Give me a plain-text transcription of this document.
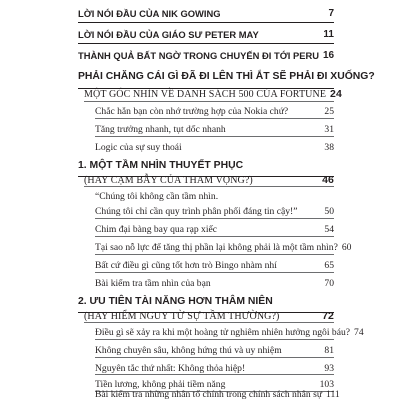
LỜI NÓI ĐẦU CỦA NIK GOWING	7
LỜI NÓI ĐẦU CỦA GIÁO SƯ PETER MAY	11
THÀNH QUẢ BẤT NGỜ TRONG CHUYẾN ĐI TỚI PERU 16
PHẢI CHĂNG CÁI GÌ ĐÃ ĐI LÊN THÌ ẮT SẼ PHẢI ĐI XUỐNG?
MỘT GÓC NHÌN VỀ DANH SÁCH 500 CỦA FORTUNE 24
Chắc hẳn bạn còn nhớ trường hợp của Nokia chứ?	25
Tăng trưởng nhanh, tụt dốc nhanh	31
Logic của sự suy thoái	38
1. MỘT TẦM NHÌN THUYẾT PHỤC
(HAY CẠM BẪY CỦA THAM VỌNG?)	46
“Chúng tôi không cần tầm nhìn.
Chúng tôi chỉ cần quy trình phân phối đáng tin cậy!”	50
Chim đại bàng bay qua rạp xiếc	54
Tại sao nỗ lực để tăng thị phần lại không phải là một tầm nhìn? 60
Bất cứ điều gì cũng tốt hơn trò Bingo nhàm nhí	65
Bài kiểm tra tầm nhìn của bạn	70
2. ƯU TIÊN TÀI NĂNG HƠN THÂM NIÊN
(HAY HIỂM NGUY TỪ SỰ TẦM THƯỜNG?)	72
Điều gì sẽ xảy ra khi một hoàng tử nghiêm nhiên hưởng ngôi báu? 74
Không chuyên sâu, không hứng thú và uy nhiệm	81
Nguyên tắc thứ nhất: Không thỏa hiệp!	93
Tiền lương, không phải tiềm năng	103
Bài kiểm tra những nhân tố chính trong chính sách nhân sự 111
